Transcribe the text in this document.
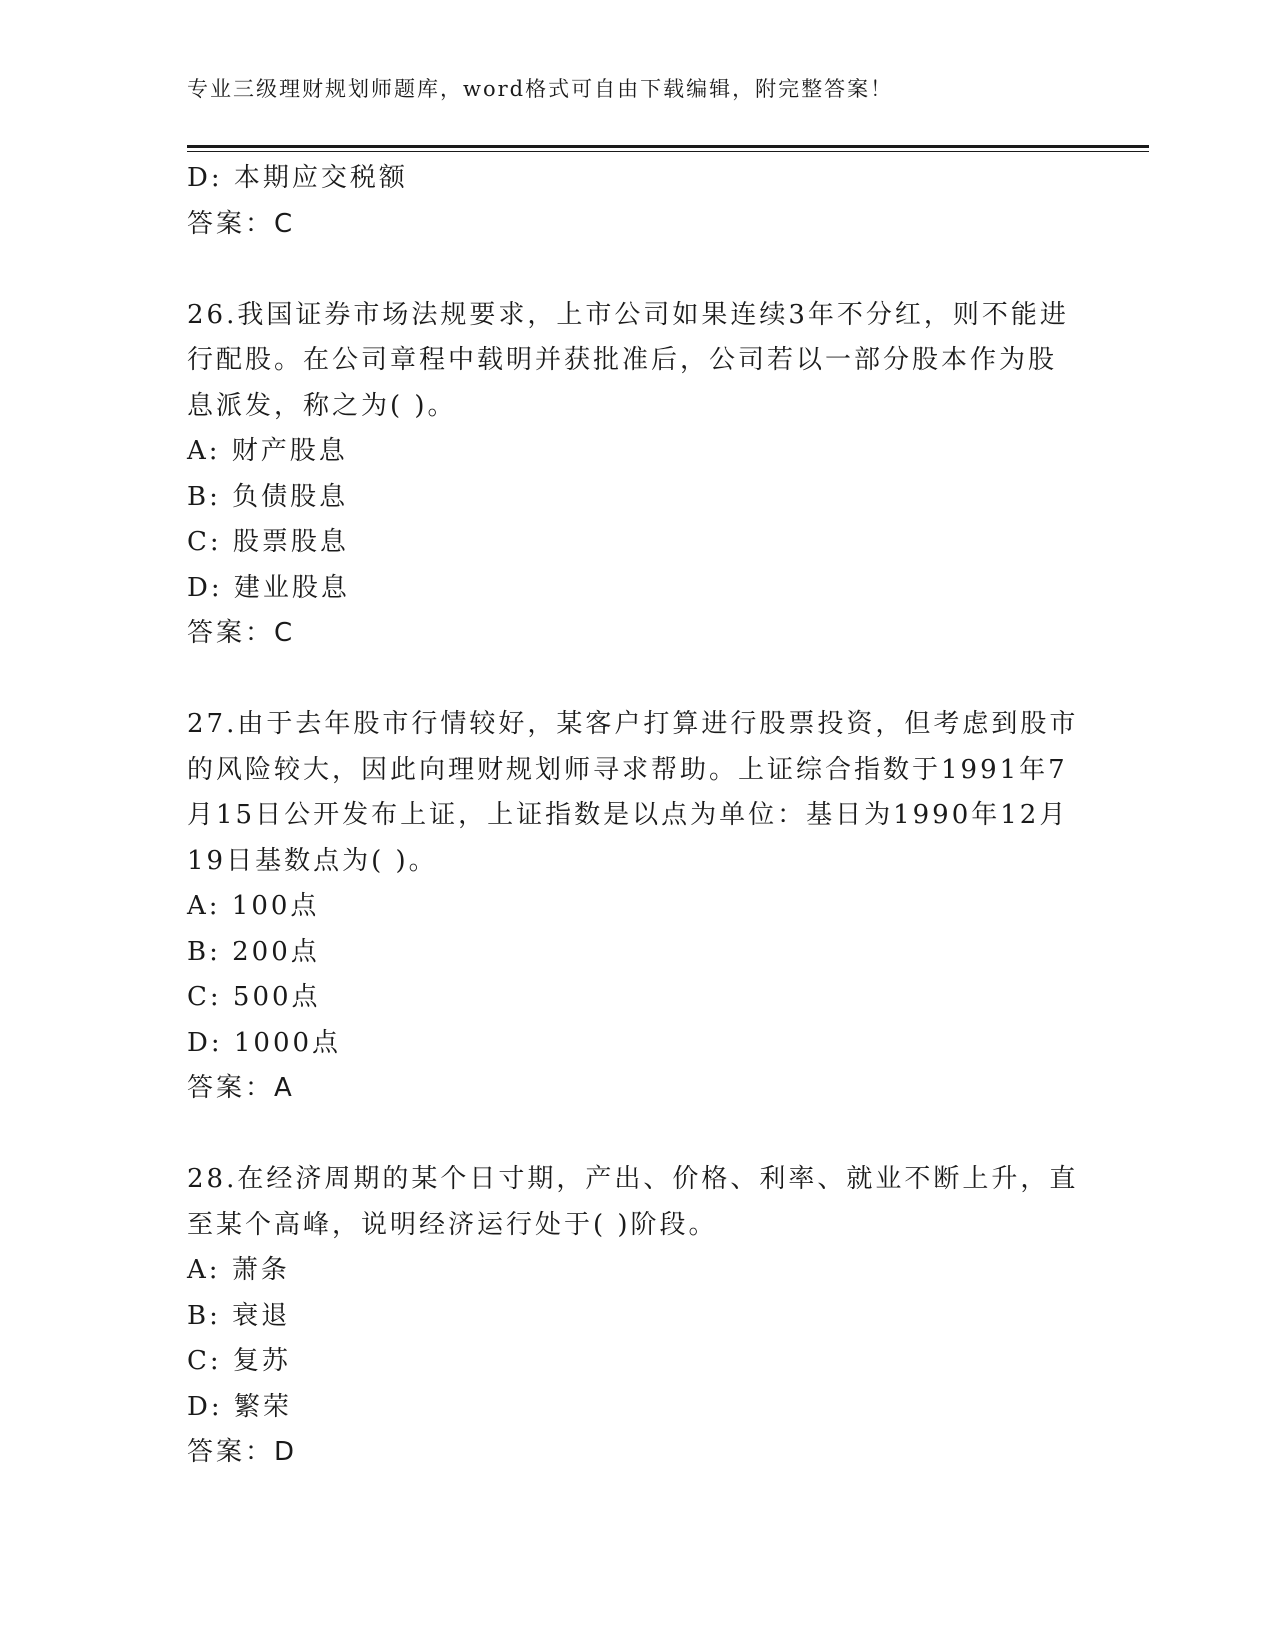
专业三级理财规划师题库，word格式可自由下载编辑，附完整答案！
D: 本期应交税额
答案：C
26.我国证券市场法规要求，上市公司如果连续3年不分红，则不能进
行配股。在公司章程中载明并获批准后，公司若以一部分股本作为股
息派发，称之为( )。
A: 财产股息
B: 负债股息
C: 股票股息
D: 建业股息
答案：C
27.由于去年股市行情较好，某客户打算进行股票投资，但考虑到股市
的风险较大，因此向理财规划师寻求帮助。上证综合指数于1991年7
月15日公开发布上证，上证指数是以点为单位：基日为1990年12月
19日基数点为( )。
A: 100点
B: 200点
C: 500点
D: 1000点
答案：A
28.在经济周期的某个日寸期，产出、价格、利率、就业不断上升，直
至某个高峰，说明经济运行处于( )阶段。
A: 萧条
B: 衰退
C: 复苏
D: 繁荣
答案：D
